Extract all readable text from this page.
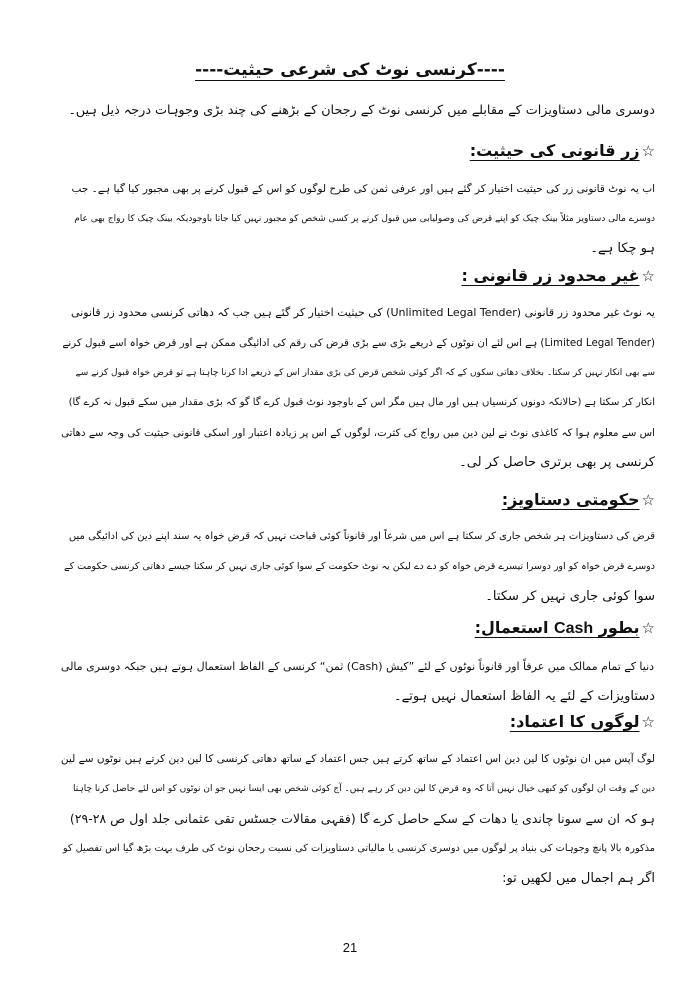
----کرنسی نوٹ کی شرعی حیثیت----
دوسری مالی دستاویزات کے مقابلے میں کرنسی نوٹ کے رجحان کے بڑھنے کی چند بڑی وجوہات درجہ ذیل ہیں۔
☆زر قانونی کی حیثیت:
اب یہ نوٹ قانونی زر کی حیثیت اختیار کر گئے ہیں اور عرفی ثمن کی طرح لوگوں کو اس کے قبول کرنے پر بھی مجبور کیا گیا ہے۔ جب
دوسرے مالی دستاویز مثلاً بینک چیک کو اپنے قرض کی وصولیابی میں قبول کرنے پر کسی شخص کو مجبور نہیں کیا جاتا باوجودیکہ بینک چیک کا رواج بھی عام
ہو چکا ہے۔
☆غیر محدود زر قانونی :
یہ نوٹ غیر محدود زر قانونی (Unlimited Legal Tender) کی حیثیت اختیار کر گئے ہیں جب کہ دھاتی کرنسی محدود زر قانونی
(Limited Legal Tender) ہے اس لئے ان نوٹوں کے ذریعے بڑی سے بڑی قرض کی رقم کی ادائیگی ممکن ہے اور قرض خواہ اسے قبول کرنے
سے بھی انکار نہیں کر سکتا۔ بخلاف دھاتی سکوں کے کہ اگر کوئی شخص قرض کی بڑی مقدار اس کے ذریعے ادا کرنا چاہتا ہے تو قرض خواہ قبول کرنے سے
انکار کر سکتا ہے (حالانکہ دونوں کرنسیاں ہیں اور مال ہیں مگر اس کے باوجود نوٹ قبول کرے گا گو کہ بڑی مقدار میں سکے قبول نہ کرے گا)
اس سے معلوم ہوا کہ کاغذی نوٹ نے لین دین میں رواج کی کثرت، لوگوں کے اس پر زیادہ اعتبار اور اسکی قانونی حیثیت کی وجہ سے دھاتی
کرنسی پر بھی برتری حاصل کر لی۔
☆حکومتی دستاویز:
قرض کی دستاویزات ہر شخص جاری کر سکتا ہے اس میں شرعاً اور قانوناً کوئی قباحت نہیں کہ قرض خواہ یہ سند اپنے دین کی ادائیگی میں
دوسرے قرض خواہ کو اور دوسرا تیسرے قرض خواہ کو دے دے لیکن یہ نوٹ حکومت کے سوا کوئی جاری نہیں کر سکتا جیسے دھاتی کرنسی حکومت کے
سوا کوئی جاری نہیں کر سکتا۔
☆بطور Cash استعمال:
دنیا کے تمام ممالک میں عرفاً اور قانوناً نوٹوں کے لئے ”کیش (Cash) ثمن“ کرنسی کے الفاظ استعمال ہوتے ہیں جبکہ دوسری مالی
دستاویزات کے لئے یہ الفاظ استعمال نہیں ہوتے۔
☆لوگوں کا اعتماد:
لوگ آپس میں ان نوٹوں کا لین دین اس اعتماد کے ساتھ کرتے ہیں جس اعتماد کے ساتھ دھاتی کرنسی کا لین دین کرتے ہیں نوٹوں سے لین
دین کے وقت ان لوگوں کو کبھی خیال نہیں آتا کہ وہ قرض کا لین دین کر رہے ہیں۔ آج کوئی شخص بھی ایسا نہیں جو ان نوٹوں کو اس لئے حاصل کرنا چاہتا
ہو کہ ان سے سونا چاندی یا دھات کے سکے حاصل کرے گا (فقہی مقالات جسٹس تقی عثمانی جلد اول ص ۲۸-۲۹)
مذکورہ بالا پانچ وجوہات کی بنیاد پر لوگوں میں دوسری کرنسی یا مالیاتی دستاویزات کی نسبت رجحان نوٹ کی طرف بہت بڑھ گیا اس تفصیل کو
اگر ہم اجمال میں لکھیں تو:
21
